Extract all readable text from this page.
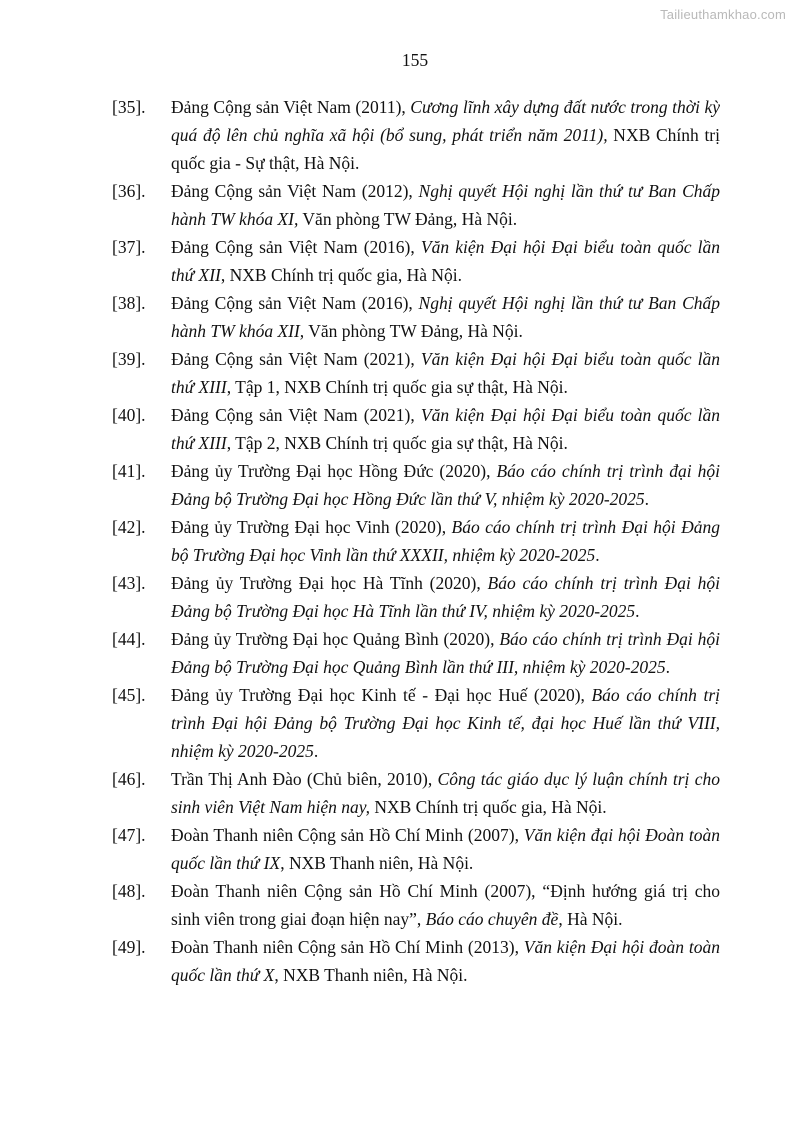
Tailieuthamkhao.com
155
[35].	Đảng Cộng sản Việt Nam (2011), Cương lĩnh xây dựng đất nước trong thời kỳ quá độ lên chủ nghĩa xã hội (bổ sung, phát triển năm 2011), NXB Chính trị quốc gia - Sự thật, Hà Nội.
[36].	Đảng Cộng sản Việt Nam (2012), Nghị quyết Hội nghị lần thứ tư Ban Chấp hành TW khóa XI, Văn phòng TW Đảng, Hà Nội.
[37].	Đảng Cộng sản Việt Nam (2016), Văn kiện Đại hội Đại biểu toàn quốc lần thứ XII, NXB Chính trị quốc gia, Hà Nội.
[38].	Đảng Cộng sản Việt Nam (2016), Nghị quyết Hội nghị lần thứ tư Ban Chấp hành TW khóa XII, Văn phòng TW Đảng, Hà Nội.
[39].	Đảng Cộng sản Việt Nam (2021), Văn kiện Đại hội Đại biểu toàn quốc lần thứ XIII, Tập 1, NXB Chính trị quốc gia sự thật, Hà Nội.
[40].	Đảng Cộng sản Việt Nam (2021), Văn kiện Đại hội Đại biểu toàn quốc lần thứ XIII, Tập 2, NXB Chính trị quốc gia sự thật, Hà Nội.
[41].	Đảng ủy Trường Đại học Hồng Đức (2020), Báo cáo chính trị trình đại hội Đảng bộ Trường Đại học Hồng Đức lần thứ V, nhiệm kỳ 2020-2025.
[42].	Đảng ủy Trường Đại học Vinh (2020), Báo cáo chính trị trình Đại hội Đảng bộ Trường Đại học Vinh lần thứ XXXII, nhiệm kỳ 2020-2025.
[43].	Đảng ủy Trường Đại học Hà Tĩnh (2020), Báo cáo chính trị trình Đại hội Đảng bộ Trường Đại học Hà Tĩnh lần thứ IV, nhiệm kỳ 2020-2025.
[44].	Đảng ủy Trường Đại học Quảng Bình (2020), Báo cáo chính trị trình Đại hội Đảng bộ Trường Đại học Quảng Bình lần thứ III, nhiệm kỳ 2020-2025.
[45].	Đảng ủy Trường Đại học Kinh tế - Đại học Huế (2020), Báo cáo chính trị trình Đại hội Đảng bộ Trường Đại học Kinh tế, đại học Huế lần thứ VIII, nhiệm kỳ 2020-2025.
[46].	Trần Thị Anh Đào (Chủ biên, 2010), Công tác giáo dục lý luận chính trị cho sinh viên Việt Nam hiện nay, NXB Chính trị quốc gia, Hà Nội.
[47].	Đoàn Thanh niên Cộng sản Hồ Chí Minh (2007), Văn kiện đại hội Đoàn toàn quốc lần thứ IX, NXB Thanh niên, Hà Nội.
[48].	Đoàn Thanh niên Cộng sản Hồ Chí Minh (2007), “Định hướng giá trị cho sinh viên trong giai đoạn hiện nay”, Báo cáo chuyên đề, Hà Nội.
[49].	Đoàn Thanh niên Cộng sản Hồ Chí Minh (2013), Văn kiện Đại hội đoàn toàn quốc lần thứ X, NXB Thanh niên, Hà Nội.
